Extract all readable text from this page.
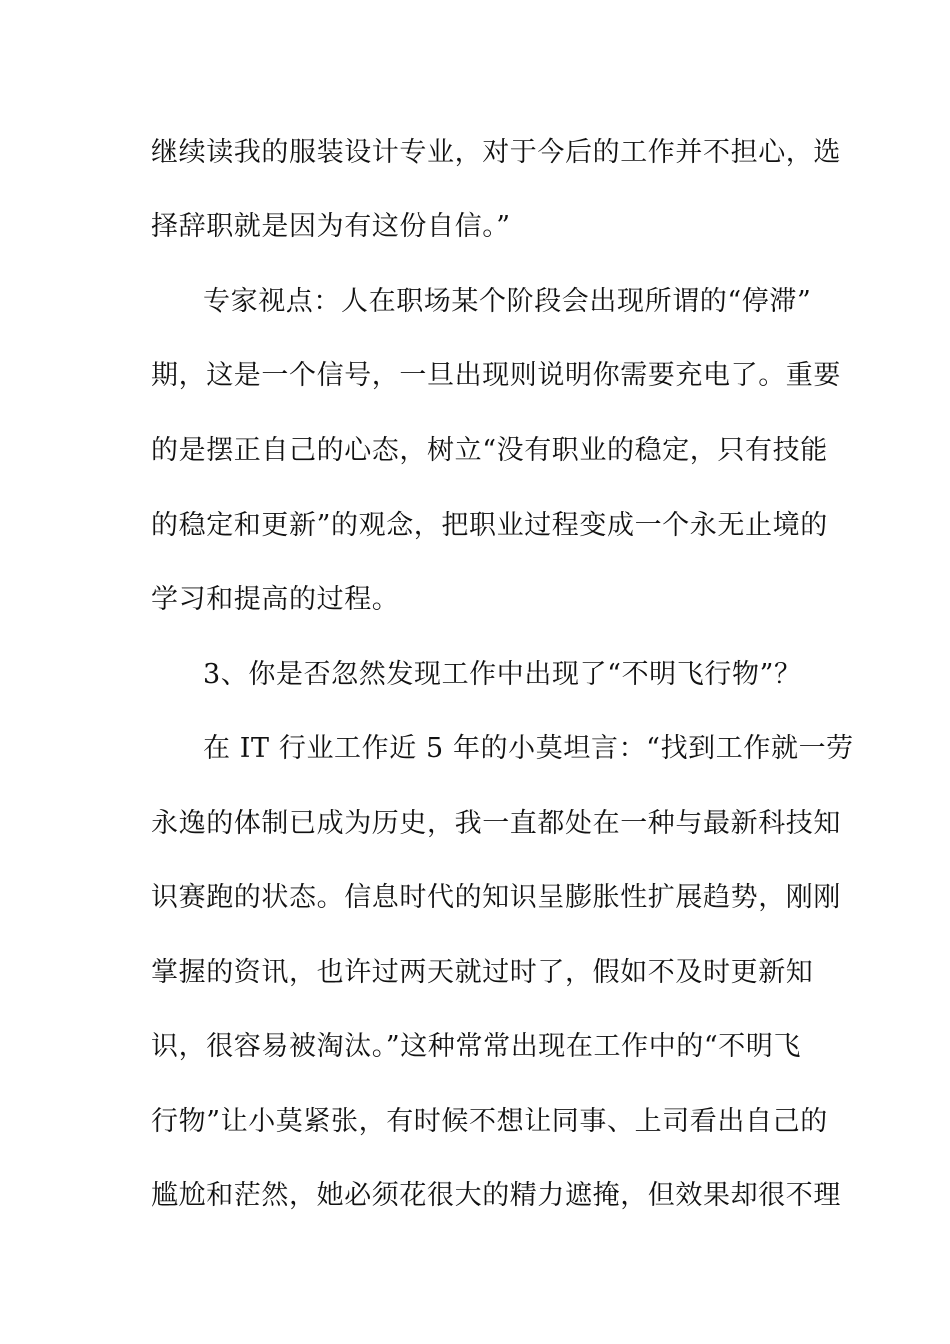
继续读我的服装设计专业，对于今后的工作并不担心，选
择辞职就是因为有这份自信。”
专家视点：人在职场某个阶段会出现所谓的“停滞”
期，这是一个信号，一旦出现则说明你需要充电了。重要
的是摆正自己的心态，树立“没有职业的稳定，只有技能
的稳定和更新”的观念，把职业过程变成一个永无止境的
学习和提高的过程。
3、你是否忽然发现工作中出现了“不明飞行物”？
在 IT 行业工作近 5 年的小莫坦言：“找到工作就一劳
永逸的体制已成为历史，我一直都处在一种与最新科技知
识赛跑的状态。信息时代的知识呈膨胀性扩展趋势，刚刚
掌握的资讯，也许过两天就过时了，假如不及时更新知
识，很容易被淘汰。”这种常常出现在工作中的“不明飞
行物”让小莫紧张，有时候不想让同事、上司看出自己的
尴尬和茫然，她必须花很大的精力遮掩，但效果却很不理
